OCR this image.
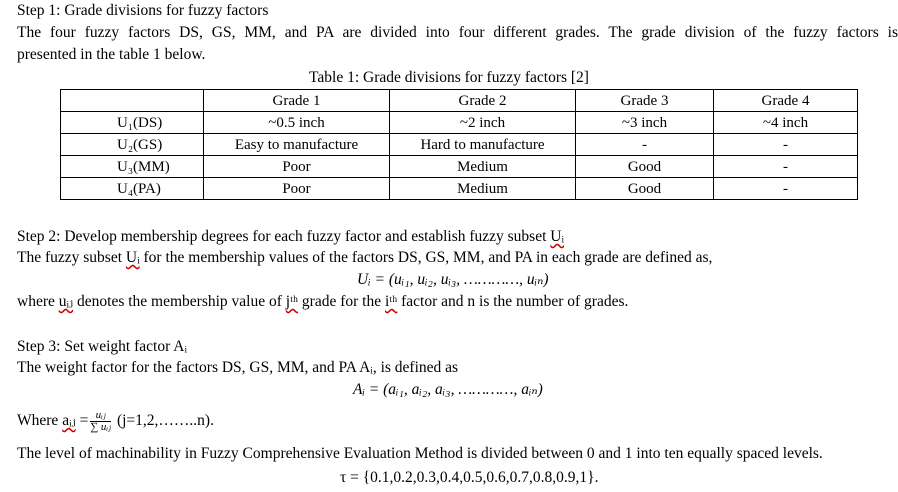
Step 1: Grade divisions for fuzzy factors
The four fuzzy factors DS, GS, MM, and PA are divided into four different grades. The grade division of the fuzzy factors is
presented in the table 1 below.
Table 1: Grade divisions for fuzzy factors [2]
	Grade 1	Grade 2	Grade 3	Grade 4
U₁(DS)	~0.5 inch	~2 inch	~3 inch	~4 inch
U₂(GS)	Easy to manufacture	Hard to manufacture	-	-
U₃(MM)	Poor	Medium	Good	-
U₄(PA)	Poor	Medium	Good	-
Step 2: Develop membership degrees for each fuzzy factor and establish fuzzy subset Uᵢ
The fuzzy subset Uᵢ for the membership values of the factors DS, GS, MM, and PA in each grade are defined as,
Uᵢ = (uᵢ₁, uᵢ₂, uᵢ₃, …………, uᵢₙ)
where uᵢⱼ denotes the membership value of jᵗʰ grade for the iᵗʰ factor and n is the number of grades.
Step 3: Set weight factor Aᵢ
The weight factor for the factors DS, GS, MM, and PA Aᵢ, is defined as
Aᵢ = (aᵢ₁, aᵢ₂, aᵢ₃, …………, aᵢₙ)
Where aᵢⱼ = $\frac{\text{uᵢⱼ}}{\text{∑ uᵢⱼ}}$ (j=1,2,……..n).
The level of machinability in Fuzzy Comprehensive Evaluation Method is divided between 0 and 1 into ten equally spaced levels.
τ = {0.1,0.2,0.3,0.4,0.5,0.6,0.7,0.8,0.9,1}.
